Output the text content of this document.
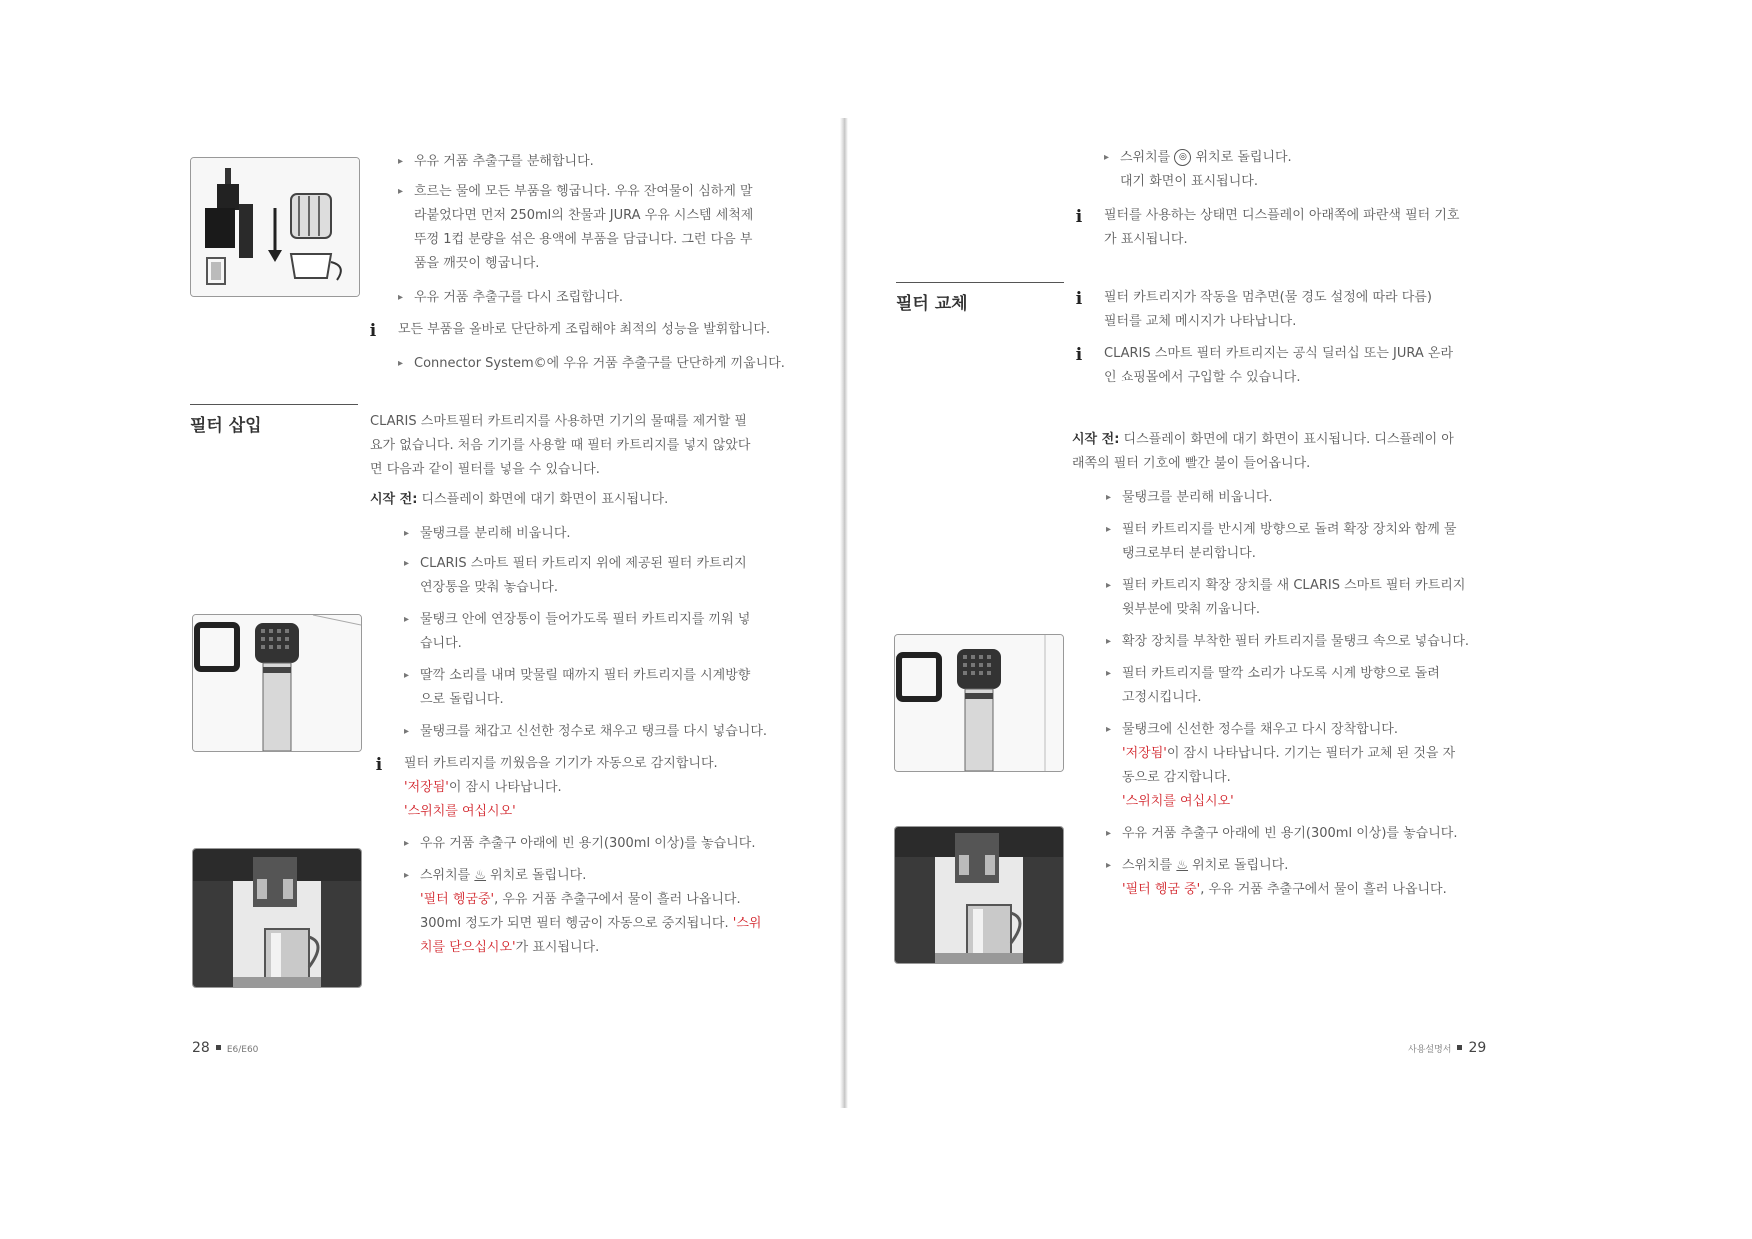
▸ 우유 거품 추출구를 분해합니다.
▸ 흐르는 물에 모든 부품을 헹굽니다. 우유 잔여물이 심하게 말
라붙었다면 먼저 250ml의 찬물과 JURA 우유 시스템 세척제
뚜껑 1컵 분량을 섞은 용액에 부품을 담급니다. 그런 다음 부
품을 깨끗이 헹굽니다.
▸ 우유 거품 추출구를 다시 조립합니다.
i 모든 부품을 올바로 단단하게 조립해야 최적의 성능을 발휘합니다.
▸ Connector System©에 우유 거품 추출구를 단단하게 끼웁니다.
필터 삽입	CLARIS 스마트필터 카트리지를 사용하면 기기의 물때를 제거할 필
요가 없습니다. 처음 기기를 사용할 때 필터 카트리지를 넣지 않았다
면 다음과 같이 필터를 넣을 수 있습니다.
시작 전: 디스플레이 화면에 대기 화면이 표시됩니다.
▸ 물탱크를 분리해 비웁니다.
▸ CLARIS 스마트 필터 카트리지 위에 제공된 필터 카트리지
연장통을 맞춰 놓습니다.
▸ 물탱크 안에 연장통이 들어가도록 필터 카트리지를 끼워 넣
습니다.
▸ 딸깍 소리를 내며 맞물릴 때까지 필터 카트리지를 시계방향
으로 돌립니다.
▸ 물탱크를 채갑고 신선한 정수로 채우고 탱크를 다시 넣습니다.
i 필터 카트리지를 끼웠음을 기기가 자동으로 감지합니다.
'저장됨'이 잠시 나타납니다.
'스위치를 여십시오'
▸ 우유 거품 추출구 아래에 빈 용기(300ml 이상)를 놓습니다.
▸ 스위치를 ♨ 위치로 돌립니다.
'필터 헹굼중', 우유 거품 추출구에서 물이 흘러 나옵니다.
300ml 정도가 되면 필터 헹굼이 자동으로 중지됩니다. '스위
치를 닫으십시오'가 표시됩니다.
28 E6/E60
▸ 스위치를 ◎ 위치로 돌립니다.
대기 화면이 표시됩니다.
i 필터를 사용하는 상태면 디스플레이 아래쪽에 파란색 필터 기호
가 표시됩니다.
필터 교체	i 필터 카트리지가 작동을 멈추면(물 경도 설정에 따라 다름)
필터를 교체 메시지가 나타납니다.
i CLARIS 스마트 필터 카트리지는 공식 딜러십 또는 JURA 온라
인 쇼핑몰에서 구입할 수 있습니다.
시작 전: 디스플레이 화면에 대기 화면이 표시됩니다. 디스플레이 아
래쪽의 필터 기호에 빨간 불이 들어옵니다.
▸ 물탱크를 분리해 비웁니다.
▸ 필터 카트리지를 반시계 방향으로 돌려 확장 장치와 함께 물
탱크로부터 분리합니다.
▸ 필터 카트리지 확장 장치를 새 CLARIS 스마트 필터 카트리지
윗부분에 맞춰 끼웁니다.
▸ 확장 장치를 부착한 필터 카트리지를 물탱크 속으로 넣습니다.
▸ 필터 카트리지를 딸깍 소리가 나도록 시계 방향으로 돌려
고정시킵니다.
▸ 물탱크에 신선한 정수를 채우고 다시 장착합니다.
'저장됨'이 잠시 나타납니다. 기기는 필터가 교체 된 것을 자
동으로 감지합니다.
'스위치를 여십시오'
▸ 우유 거품 추출구 아래에 빈 용기(300ml 이상)를 놓습니다.
▸ 스위치를 ♨ 위치로 돌립니다.
'필터 헹굼 중', 우유 거품 추출구에서 물이 흘러 나옵니다.
사용설명서 29
